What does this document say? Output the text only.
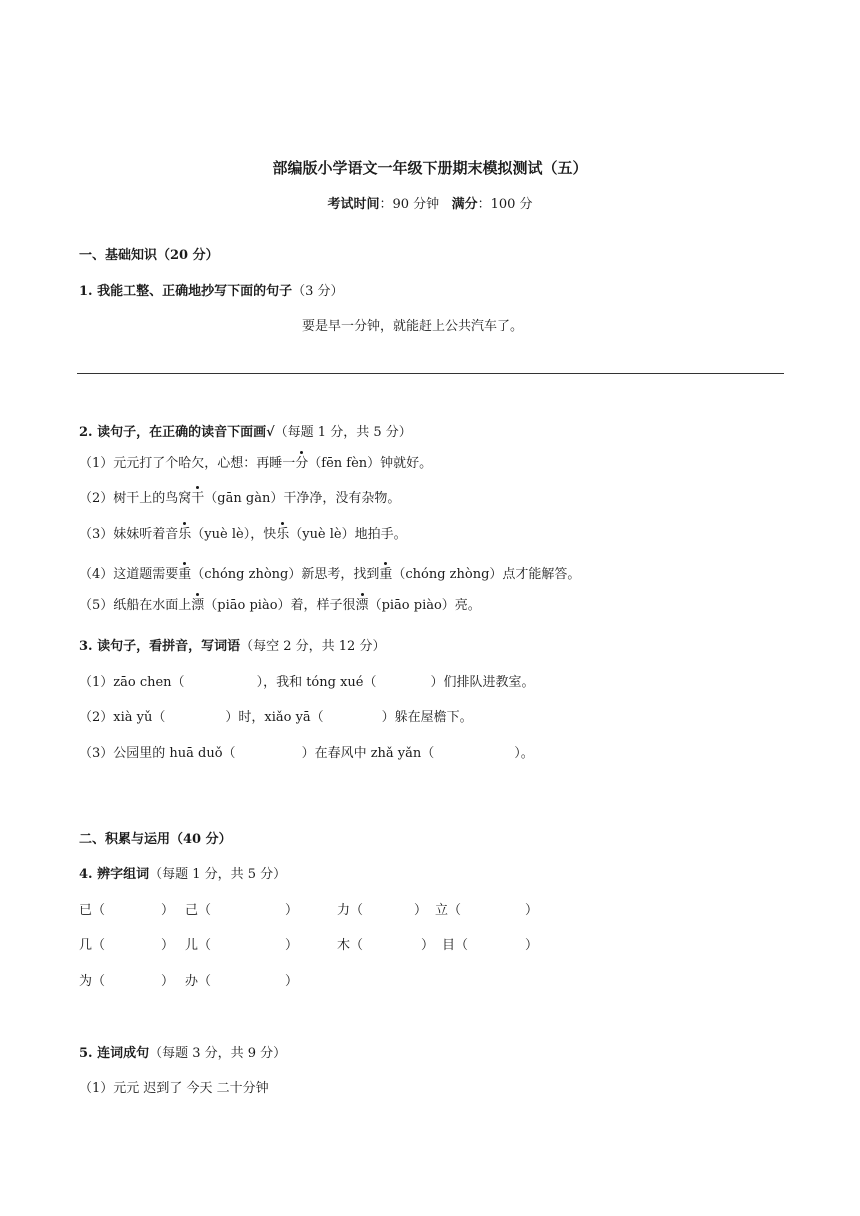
部编版小学语文一年级下册期末模拟测试（五）
考试时间：90 分钟 满分：100 分
一、基础知识（20 分）
1. 我能工整、正确地抄写下面的句子（3 分）
要是早一分钟，就能赶上公共汽车了。
2. 读句子，在正确的读音下面画√（每题 1 分，共 5 分）
（1）元元打了个哈欠，心想：再睡一分（fēn fèn）钟就好。
（2）树干上的鸟窝干（gān gàn）干净净，没有杂物。
（3）妹妹听着音乐（yuè lè），快乐（yuè lè）地拍手。
（4）这道题需要重（chóng zhòng）新思考，找到重（chóng zhòng）点才能解答。
（5）纸船在水面上漂（piāo piào）着，样子很漂（piāo piào）亮。
3. 读句子，看拼音，写词语（每空 2 分，共 12 分）
（1）zāo chen（	），我和 tóng xué（	）们排队进教室。
（2）xià yǔ（	）时，xiǎo yā（	）躲在屋檐下。
（3）公园里的 huā duǒ（	）在春风中 zhǎ yǎn（	）。
二、积累与运用（40 分）
4. 辨字组词（每题 1 分，共 5 分）
已（	） 己（	）	力（	） 立（	）
几（	） 儿（	）	木（	） 目（	）
为（	） 办（	）
5. 连词成句（每题 3 分，共 9 分）
（1）元元 迟到了 今天 二十分钟
